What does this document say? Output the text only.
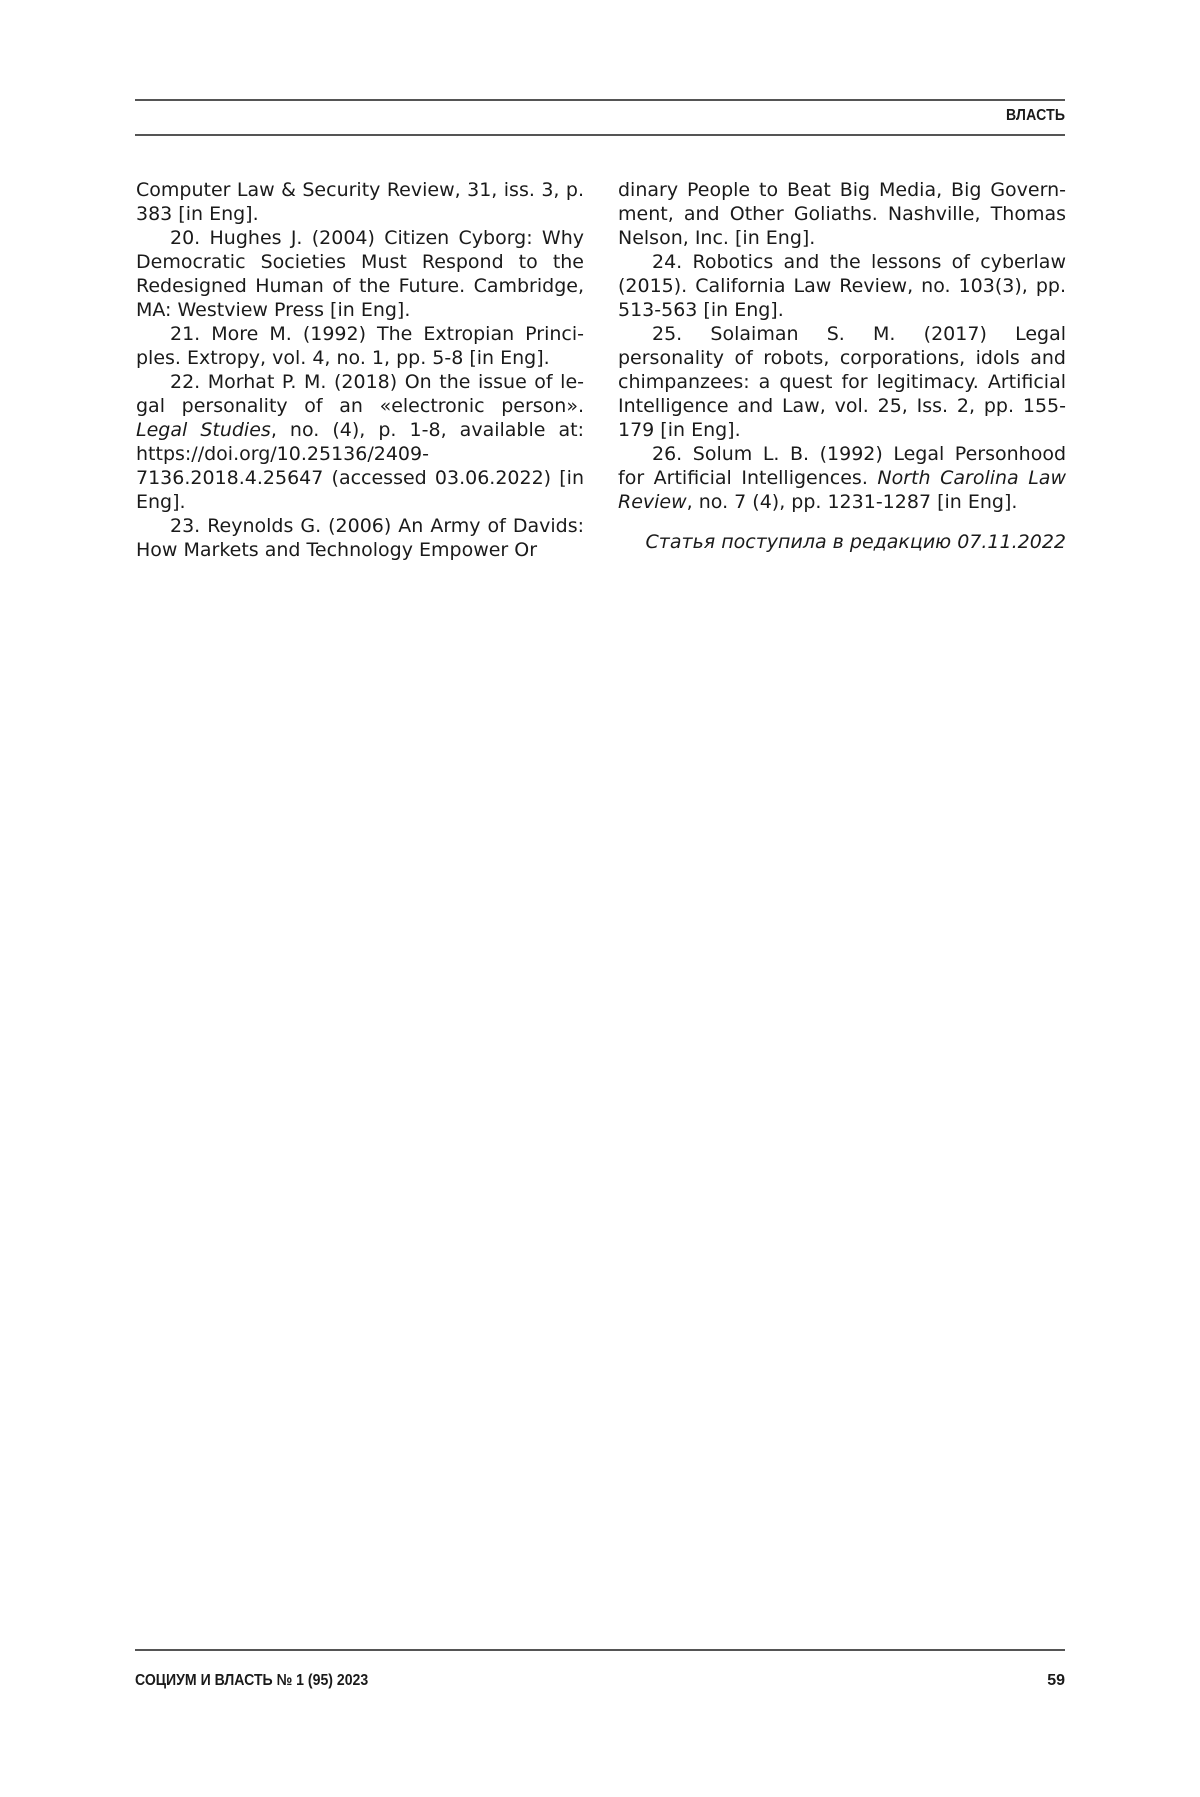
ВЛАСТЬ

Computer Law & Security Review, 31, iss. 3, p. 383 [in Eng].

20. Hughes J. (2004) Citizen Cyborg: Why Democratic Societies Must Respond to the Redesigned Human of the Future. Cambridge, MA: Westview Press [in Eng].

21. More M. (1992) The Extropian Principles. Extropy, vol. 4, no. 1, pp. 5-8 [in Eng].

22. Morhat P. M. (2018) On the issue of legal personality of an «electronic person». Legal Studies, no. (4), p. 1-8, available at: https://doi.org/10.25136/2409-7136.2018.4.25647 (accessed 03.06.2022) [in Eng].

23. Reynolds G. (2006) An Army of Davids: How Markets and Technology Empower Or

dinary People to Beat Big Media, Big Government, and Other Goliaths. Nashville, Thomas Nelson, Inc. [in Eng].

24. Robotics and the lessons of cyberlaw (2015). California Law Review, no. 103(3), pp. 513-563 [in Eng].

25. Solaiman S. M. (2017) Legal personality of robots, corporations, idols and chimpanzees: a quest for legitimacy. Artificial Intelligence and Law, vol. 25, Iss. 2, pp. 155-179 [in Eng].

26. Solum L. B. (1992) Legal Personhood for Artificial Intelligences. North Carolina Law Review, no. 7 (4), pp. 1231-1287 [in Eng].

Статья поступила в редакцию 07.11.2022

СОЦИУМ И ВЛАСТЬ № 1 (95) 2023	59
